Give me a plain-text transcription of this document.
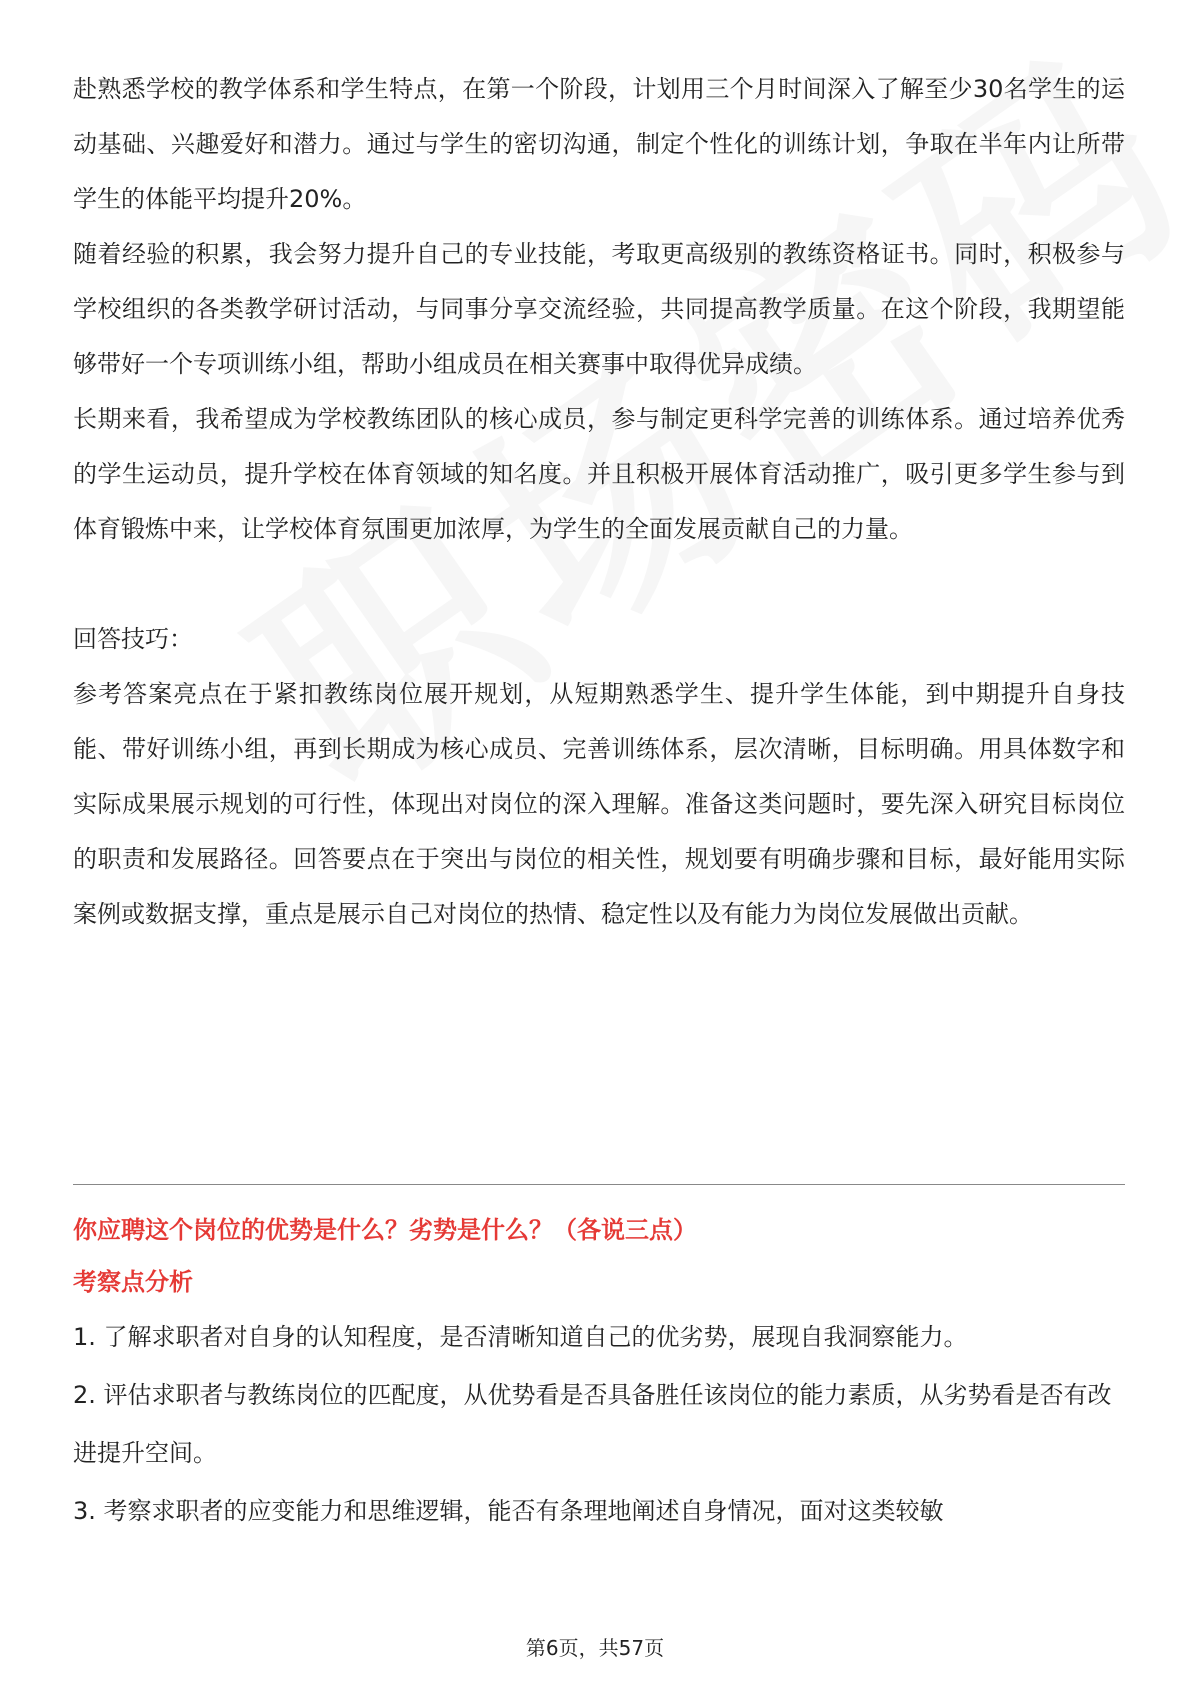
赴熟悉学校的教学体系和学生特点，在第一个阶段，计划用三个月时间深入了解至少30名学生的运动基础、兴趣爱好和潜力。通过与学生的密切沟通，制定个性化的训练计划，争取在半年内让所带学生的体能平均提升20%。

随着经验的积累，我会努力提升自己的专业技能，考取更高级别的教练资格证书。同时，积极参与学校组织的各类教学研讨活动，与同事分享交流经验，共同提高教学质量。在这个阶段，我期望能够带好一个专项训练小组，帮助小组成员在相关赛事中取得优异成绩。

长期来看，我希望成为学校教练团队的核心成员，参与制定更科学完善的训练体系。通过培养优秀的学生运动员，提升学校在体育领域的知名度。并且积极开展体育活动推广，吸引更多学生参与到体育锻炼中来，让学校体育氛围更加浓厚，为学生的全面发展贡献自己的力量。

回答技巧：

参考答案亮点在于紧扣教练岗位展开规划，从短期熟悉学生、提升学生体能，到中期提升自身技能、带好训练小组，再到长期成为核心成员、完善训练体系，层次清晰，目标明确。用具体数字和实际成果展示规划的可行性，体现出对岗位的深入理解。准备这类问题时，要先深入研究目标岗位的职责和发展路径。回答要点在于突出与岗位的相关性，规划要有明确步骤和目标，最好能用实际案例或数据支撑，重点是展示自己对岗位的热情、稳定性以及有能力为岗位发展做出贡献。

你应聘这个岗位的优势是什么？劣势是什么？（各说三点）

考察点分析

1. 了解求职者对自身的认知程度，是否清晰知道自己的优劣势，展现自我洞察能力。

2. 评估求职者与教练岗位的匹配度，从优势看是否具备胜任该岗位的能力素质，从劣势看是否有改进提升空间。

3. 考察求职者的应变能力和思维逻辑，能否有条理地阐述自身情况，面对这类较敏

第6页，共57页
